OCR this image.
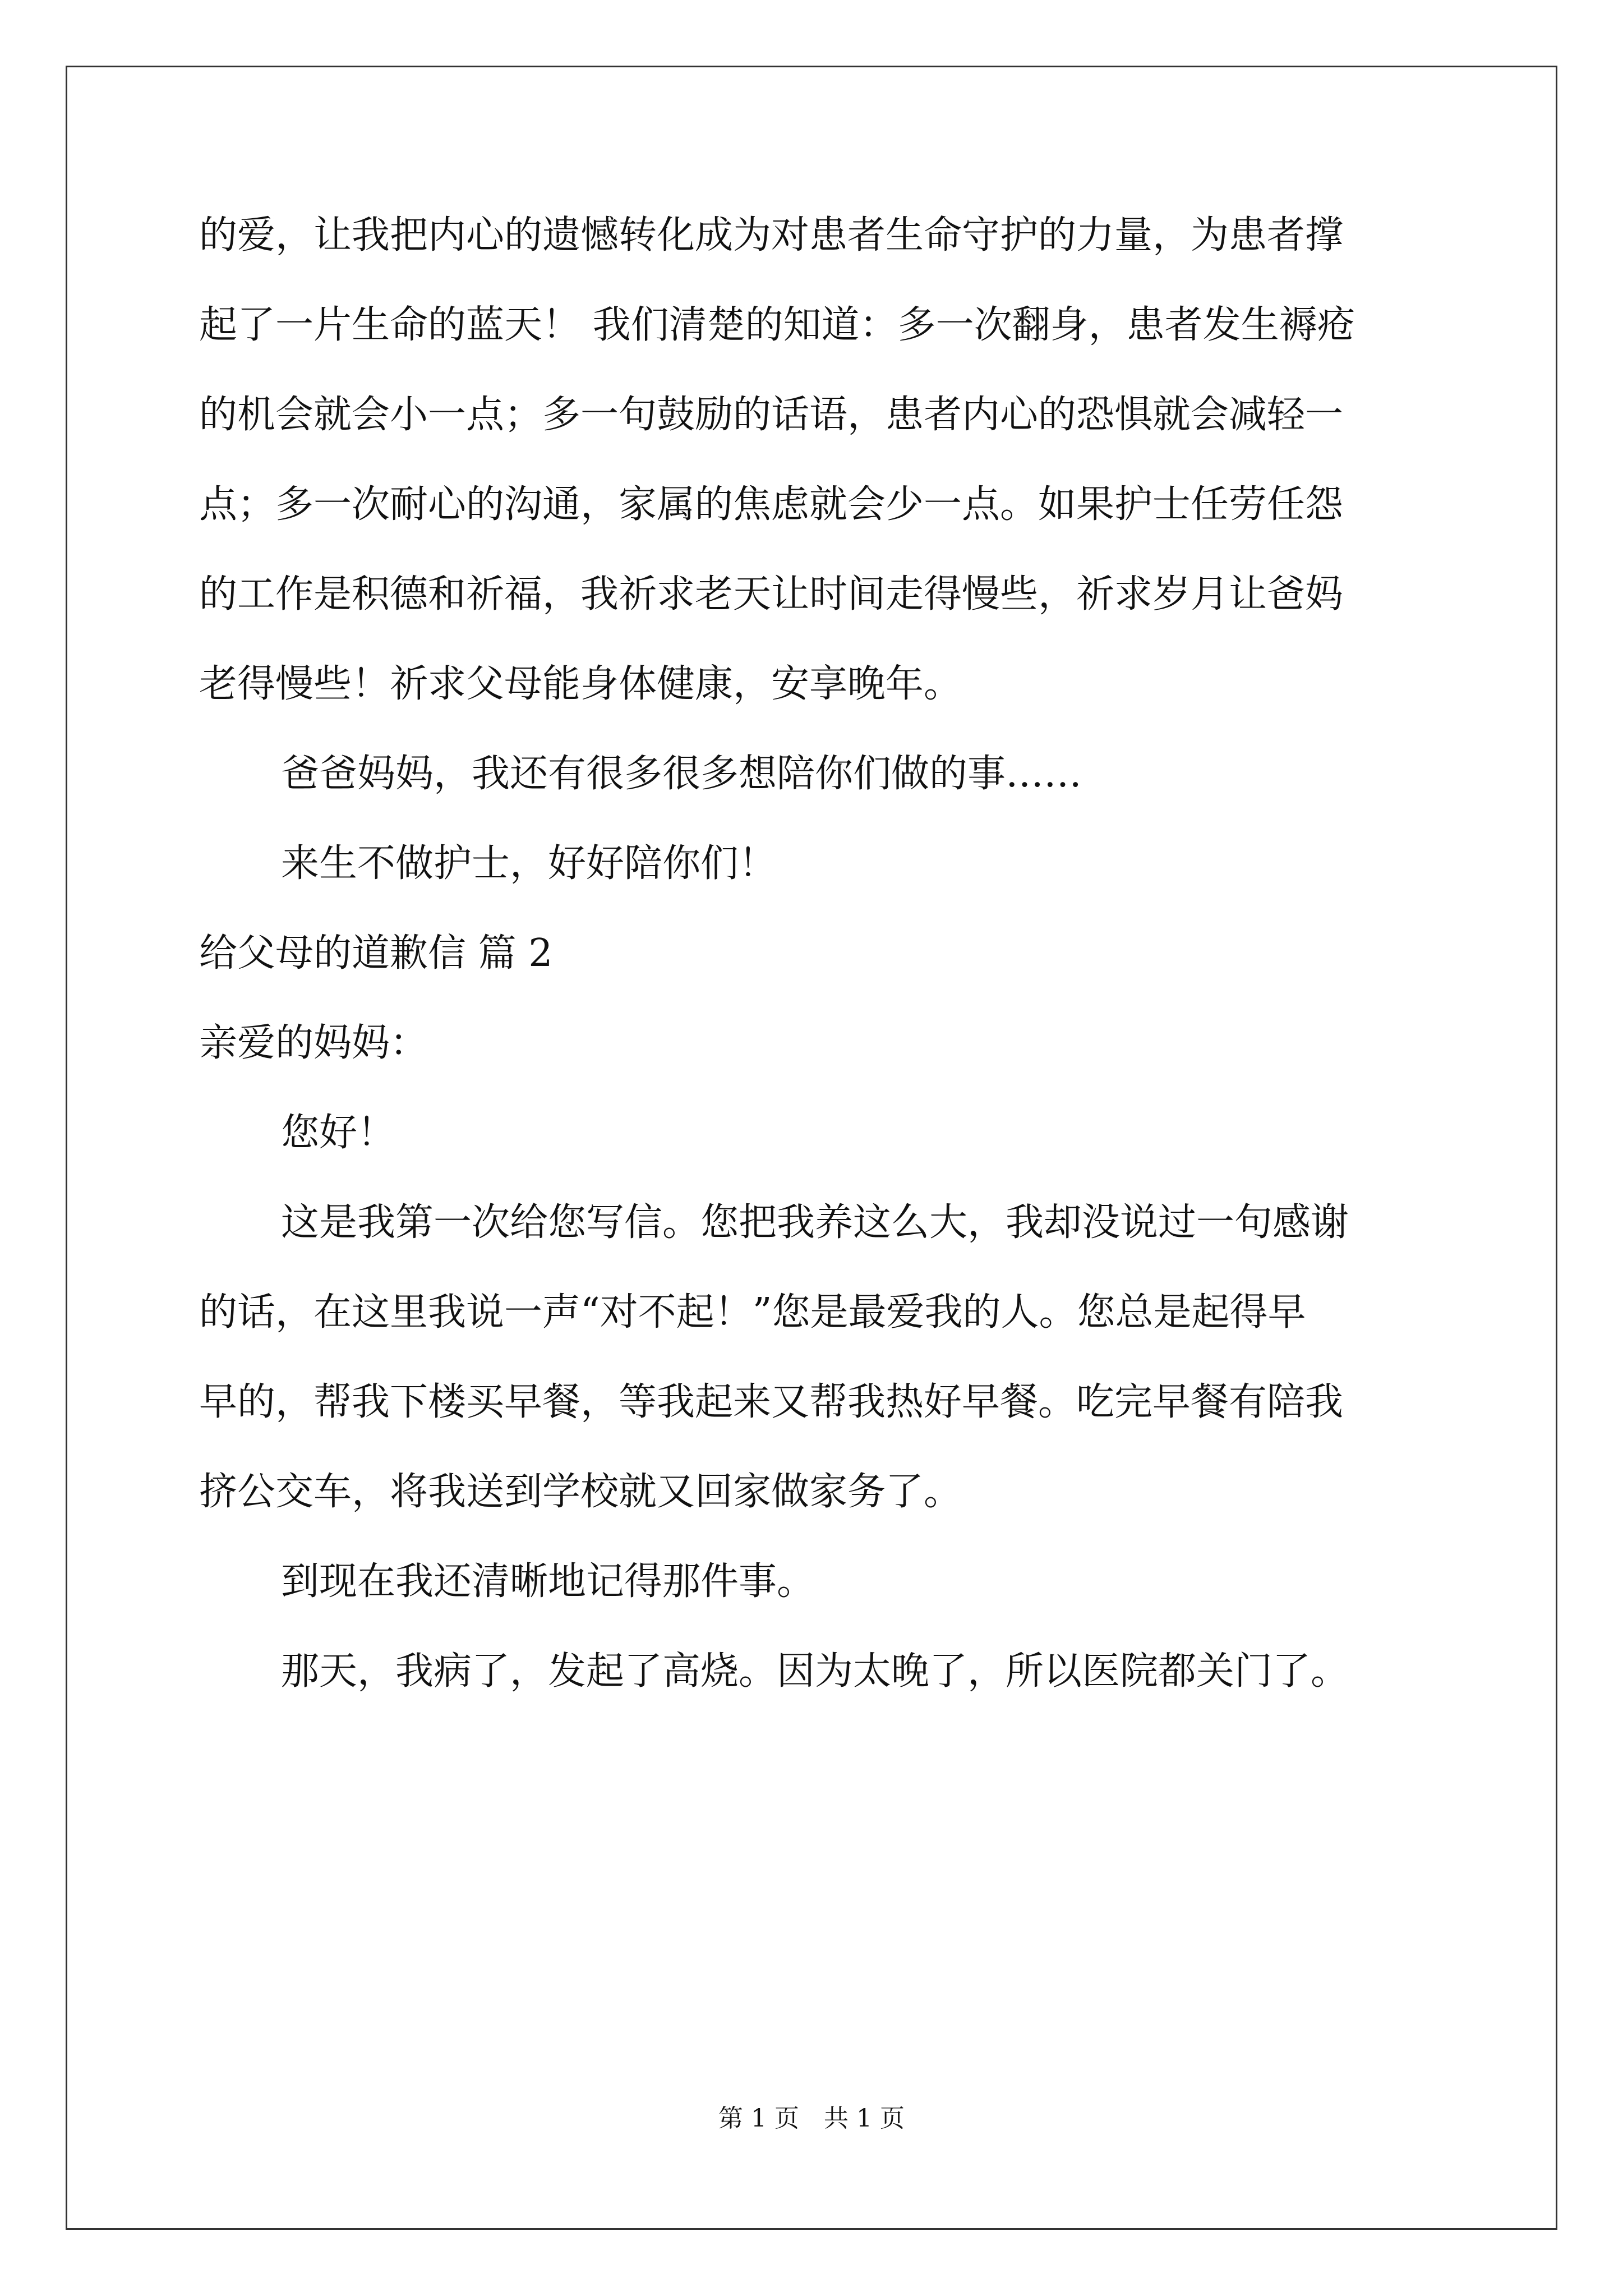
的爱，让我把内心的遗憾转化成为对患者生命守护的力量，为患者撑
起了一片生命的蓝天！ 我们清楚的知道：多一次翻身，患者发生褥疮
的机会就会小一点；多一句鼓励的话语，患者内心的恐惧就会减轻一
点；多一次耐心的沟通，家属的焦虑就会少一点。如果护士任劳任怨
的工作是积德和祈福，我祈求老天让时间走得慢些，祈求岁月让爸妈
老得慢些！祈求父母能身体健康，安享晚年。
爸爸妈妈，我还有很多很多想陪你们做的事……
来生不做护士，好好陪你们！
给父母的道歉信 篇 2
亲爱的妈妈：
您好！
这是我第一次给您写信。您把我养这么大，我却没说过一句感谢
的话，在这里我说一声“对不起！”您是最爱我的人。您总是起得早
早的，帮我下楼买早餐，等我起来又帮我热好早餐。吃完早餐有陪我
挤公交车，将我送到学校就又回家做家务了。
到现在我还清晰地记得那件事。
那天，我病了，发起了高烧。因为太晚了，所以医院都关门了。
第 1 页　共 1 页
